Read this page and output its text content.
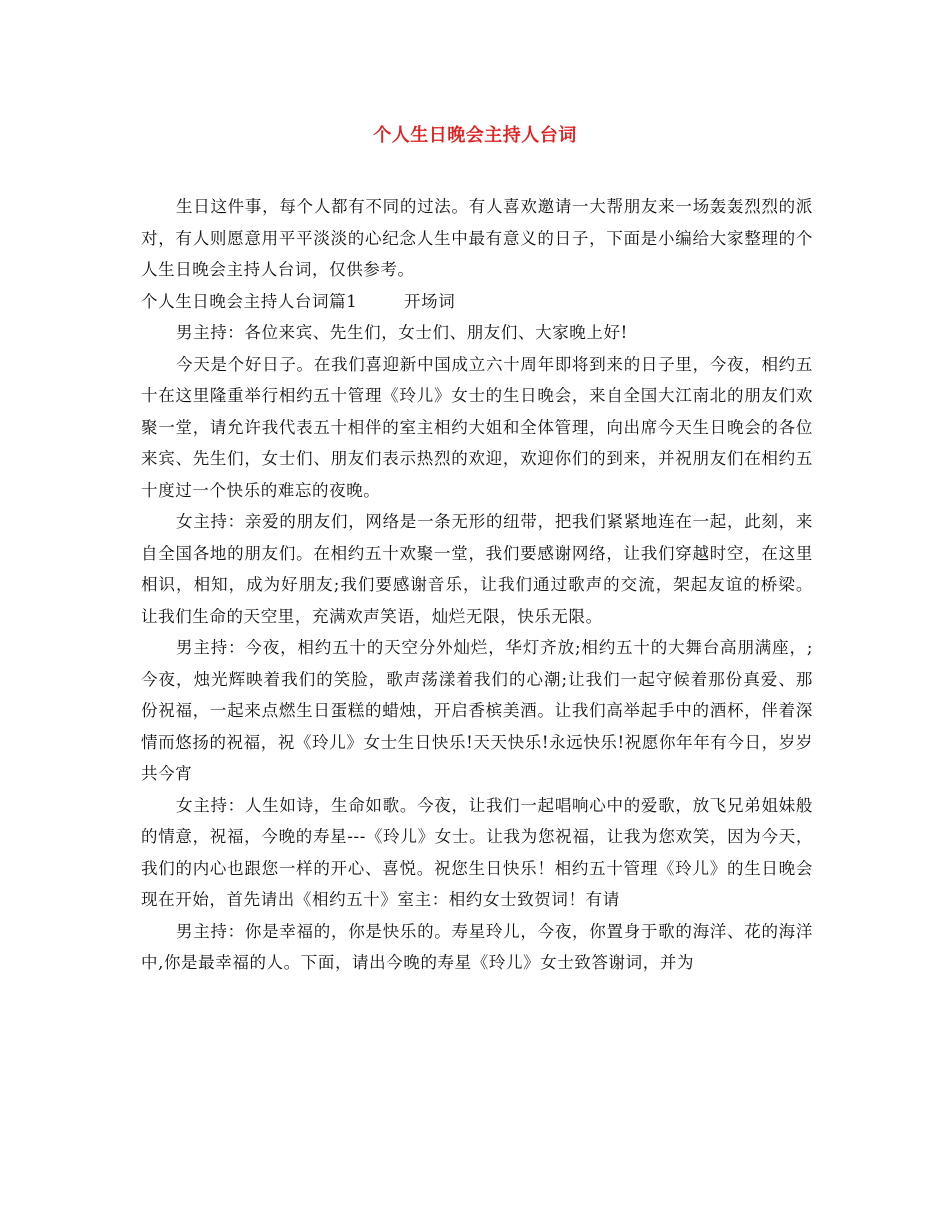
个人生日晚会主持人台词

生日这件事，每个人都有不同的过法。有人喜欢邀请一大帮朋友来一场轰轰烈烈的派对，有人则愿意用平平淡淡的心纪念人生中最有意义的日子，下面是小编给大家整理的个人生日晚会主持人台词，仅供参考。

个人生日晚会主持人台词篇1        开场词

男主持：各位来宾、先生们，女士们、朋友们、大家晚上好!

今天是个好日子。在我们喜迎新中国成立六十周年即将到来的日子里，今夜，相约五十在这里隆重举行相约五十管理《玲儿》女士的生日晚会，来自全国大江南北的朋友们欢聚一堂，请允许我代表五十相伴的室主相约大姐和全体管理，向出席今天生日晚会的各位来宾、先生们，女士们、朋友们表示热烈的欢迎，欢迎你们的到来，并祝朋友们在相约五十度过一个快乐的难忘的夜晚。

女主持：亲爱的朋友们，网络是一条无形的纽带，把我们紧紧地连在一起，此刻，来自全国各地的朋友们。在相约五十欢聚一堂，我们要感谢网络，让我们穿越时空，在这里相识，相知，成为好朋友;我们要感谢音乐，让我们通过歌声的交流，架起友谊的桥梁。让我们生命的天空里，充满欢声笑语，灿烂无限，快乐无限。

男主持：今夜，相约五十的天空分外灿烂，华灯齐放;相约五十的大舞台高朋满座，;今夜，烛光辉映着我们的笑脸，歌声荡漾着我们的心潮;让我们一起守候着那份真爱、那份祝福，一起来点燃生日蛋糕的蜡烛，开启香槟美酒。让我们高举起手中的酒杯，伴着深情而悠扬的祝福，祝《玲儿》女士生日快乐!天天快乐!永远快乐!祝愿你年年有今日，岁岁共今宵

女主持：人生如诗，生命如歌。今夜，让我们一起唱响心中的爱歌，放飞兄弟姐妹般的情意，祝福，今晚的寿星---《玲儿》女士。让我为您祝福，让我为您欢笑，因为今天，我们的内心也跟您一样的开心、喜悦。祝您生日快乐！相约五十管理《玲儿》的生日晚会现在开始，首先请出《相约五十》室主：相约女士致贺词！有请

男主持：你是幸福的，你是快乐的。寿星玲儿，今夜，你置身于歌的海洋、花的海洋中,你是最幸福的人。下面，请出今晚的寿星《玲儿》女士致答谢词，并为
